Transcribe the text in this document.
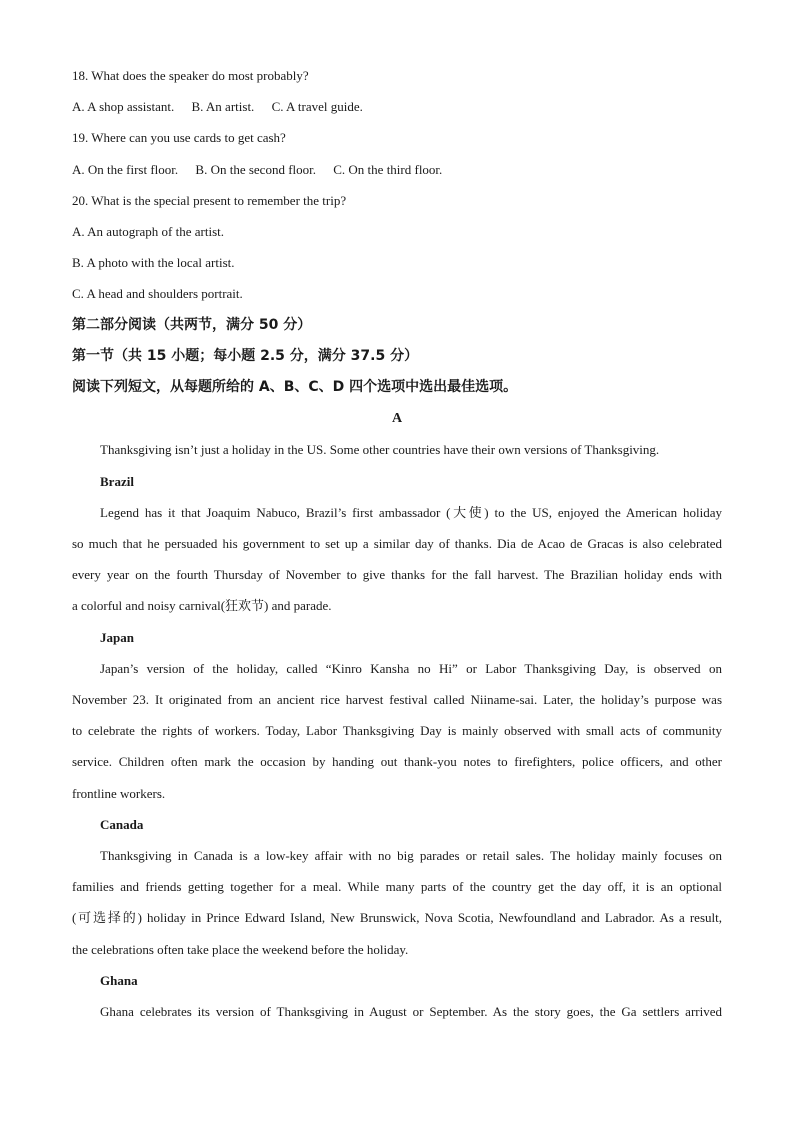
18. What does the speaker do most probably?
A. A shop assistant. B. An artist. C. A travel guide.
19. Where can you use cards to get cash?
A. On the first floor. B. On the second floor. C. On the third floor.
20. What is the special present to remember the trip?
A. An autograph of the artist.
B. A photo with the local artist.
C. A head and shoulders portrait.
第二部分阅读（共两节，满分 50 分）
第一节（共 15 小题；每小题 2.5 分，满分 37.5 分）
阅读下列短文，从每题所给的 A、B、C、D 四个选项中选出最佳选项。
A
Thanksgiving isn’t just a holiday in the US. Some other countries have their own versions of Thanksgiving.
Brazil
Legend has it that Joaquim Nabuco, Brazil’s first ambassador (大使) to the US, enjoyed the American holiday
so much that he persuaded his government to set up a similar day of thanks. Dia de Acao de Gracas is also celebrated
every year on the fourth Thursday of November to give thanks for the fall harvest. The Brazilian holiday ends with
a colorful and noisy carnival(狂欢节) and parade.
Japan
Japan’s version of the holiday, called “Kinro Kansha no Hi” or Labor Thanksgiving Day, is observed on
November 23. It originated from an ancient rice harvest festival called Niiname-sai. Later, the holiday’s purpose was
to celebrate the rights of workers. Today, Labor Thanksgiving Day is mainly observed with small acts of community
service. Children often mark the occasion by handing out thank-you notes to firefighters, police officers, and other
frontline workers.
Canada
Thanksgiving in Canada is a low-key affair with no big parades or retail sales. The holiday mainly focuses on
families and friends getting together for a meal. While many parts of the country get the day off, it is an optional
(可选择的) holiday in Prince Edward Island, New Brunswick, Nova Scotia, Newfoundland and Labrador. As a result,
the celebrations often take place the weekend before the holiday.
Ghana
Ghana celebrates its version of Thanksgiving in August or September. As the story goes, the Ga settlers arrived
